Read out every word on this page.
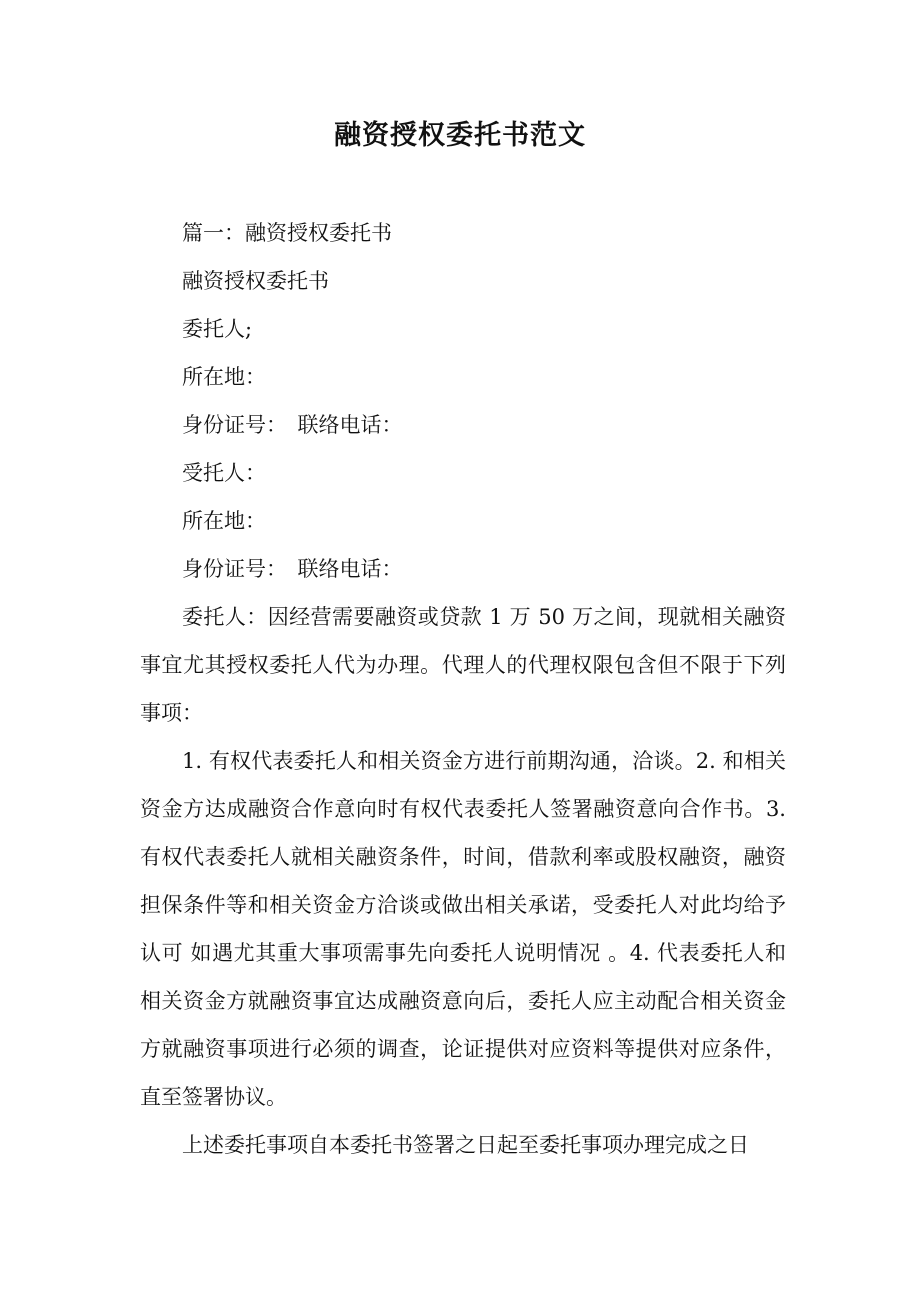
融资授权委托书范文

篇一：融资授权委托书

融资授权委托书

委托人;

所在地：

身份证号：　联络电话：

受托人：

所在地：

身份证号：　联络电话：

委托人：因经营需要融资或贷款 1 万 50 万之间，现就相关融资事宜尤其授权委托人代为办理。代理人的代理权限包含但不限于下列事项：

1. 有权代表委托人和相关资金方进行前期沟通，洽谈。2. 和相关资金方达成融资合作意向时有权代表委托人签署融资意向合作书。3. 有权代表委托人就相关融资条件，时间，借款利率或股权融资，融资担保条件等和相关资金方洽谈或做出相关承诺，受委托人对此均给予认可 如遇尤其重大事项需事先向委托人说明情况 。4. 代表委托人和相关资金方就融资事宜达成融资意向后，委托人应主动配合相关资金方就融资事项进行必须的调查，论证提供对应资料等提供对应条件，直至签署协议。

上述委托事项自本委托书签署之日起至委托事项办理完成之日
